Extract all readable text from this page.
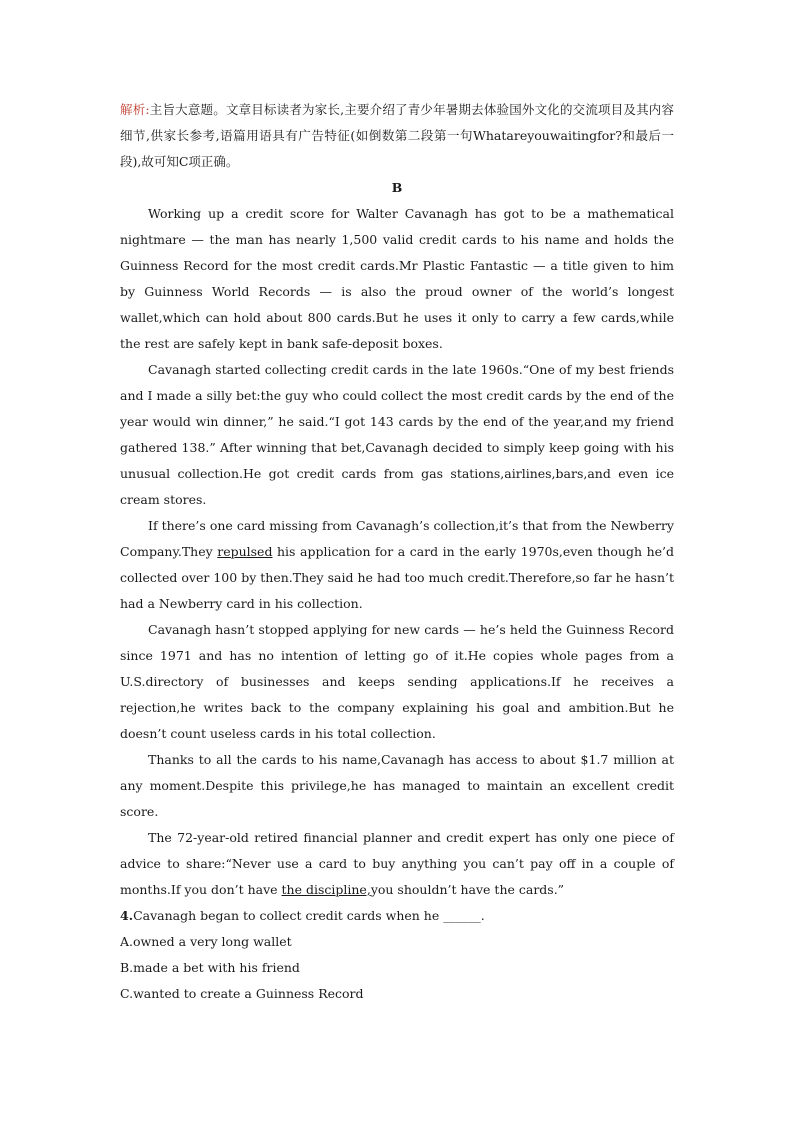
解析:主旨大意题。文章目标读者为家长,主要介绍了青少年暑期去体验国外文化的交流项目及其内容细节,供家长参考,语篇用语具有广告特征(如倒数第二段第一句Whatareyouwaitingfor?和最后一段),故可知C项正确。

B

Working up a credit score for Walter Cavanagh has got to be a mathematical nightmare — the man has nearly 1,500 valid credit cards to his name and holds the Guinness Record for the most credit cards.Mr Plastic Fantastic — a title given to him by Guinness World Records — is also the proud owner of the world’s longest wallet,which can hold about 800 cards.But he uses it only to carry a few cards,while the rest are safely kept in bank safe-deposit boxes.

Cavanagh started collecting credit cards in the late 1960s.“One of my best friends and I made a silly bet:the guy who could collect the most credit cards by the end of the year would win dinner,” he said.“I got 143 cards by the end of the year,and my friend gathered 138.” After winning that bet,Cavanagh decided to simply keep going with his unusual collection.He got credit cards from gas stations,airlines,bars,and even ice cream stores.

If there’s one card missing from Cavanagh’s collection,it’s that from the Newberry Company.They repulsed his application for a card in the early 1970s,even though he’d collected over 100 by then.They said he had too much credit.Therefore,so far he hasn’t had a Newberry card in his collection.

Cavanagh hasn’t stopped applying for new cards — he’s held the Guinness Record since 1971 and has no intention of letting go of it.He copies whole pages from a U.S.directory of businesses and keeps sending applications.If he receives a rejection,he writes back to the company explaining his goal and ambition.But he doesn’t count useless cards in his total collection.

Thanks to all the cards to his name,Cavanagh has access to about $1.7 million at any moment.Despite this privilege,he has managed to maintain an excellent credit score.

The 72-year-old retired financial planner and credit expert has only one piece of advice to share:“Never use a card to buy anything you can’t pay off in a couple of months.If you don’t have the discipline,you shouldn’t have the cards.”

4.Cavanagh began to collect credit cards when he ______.

A.owned a very long wallet

B.made a bet with his friend

C.wanted to create a Guinness Record
